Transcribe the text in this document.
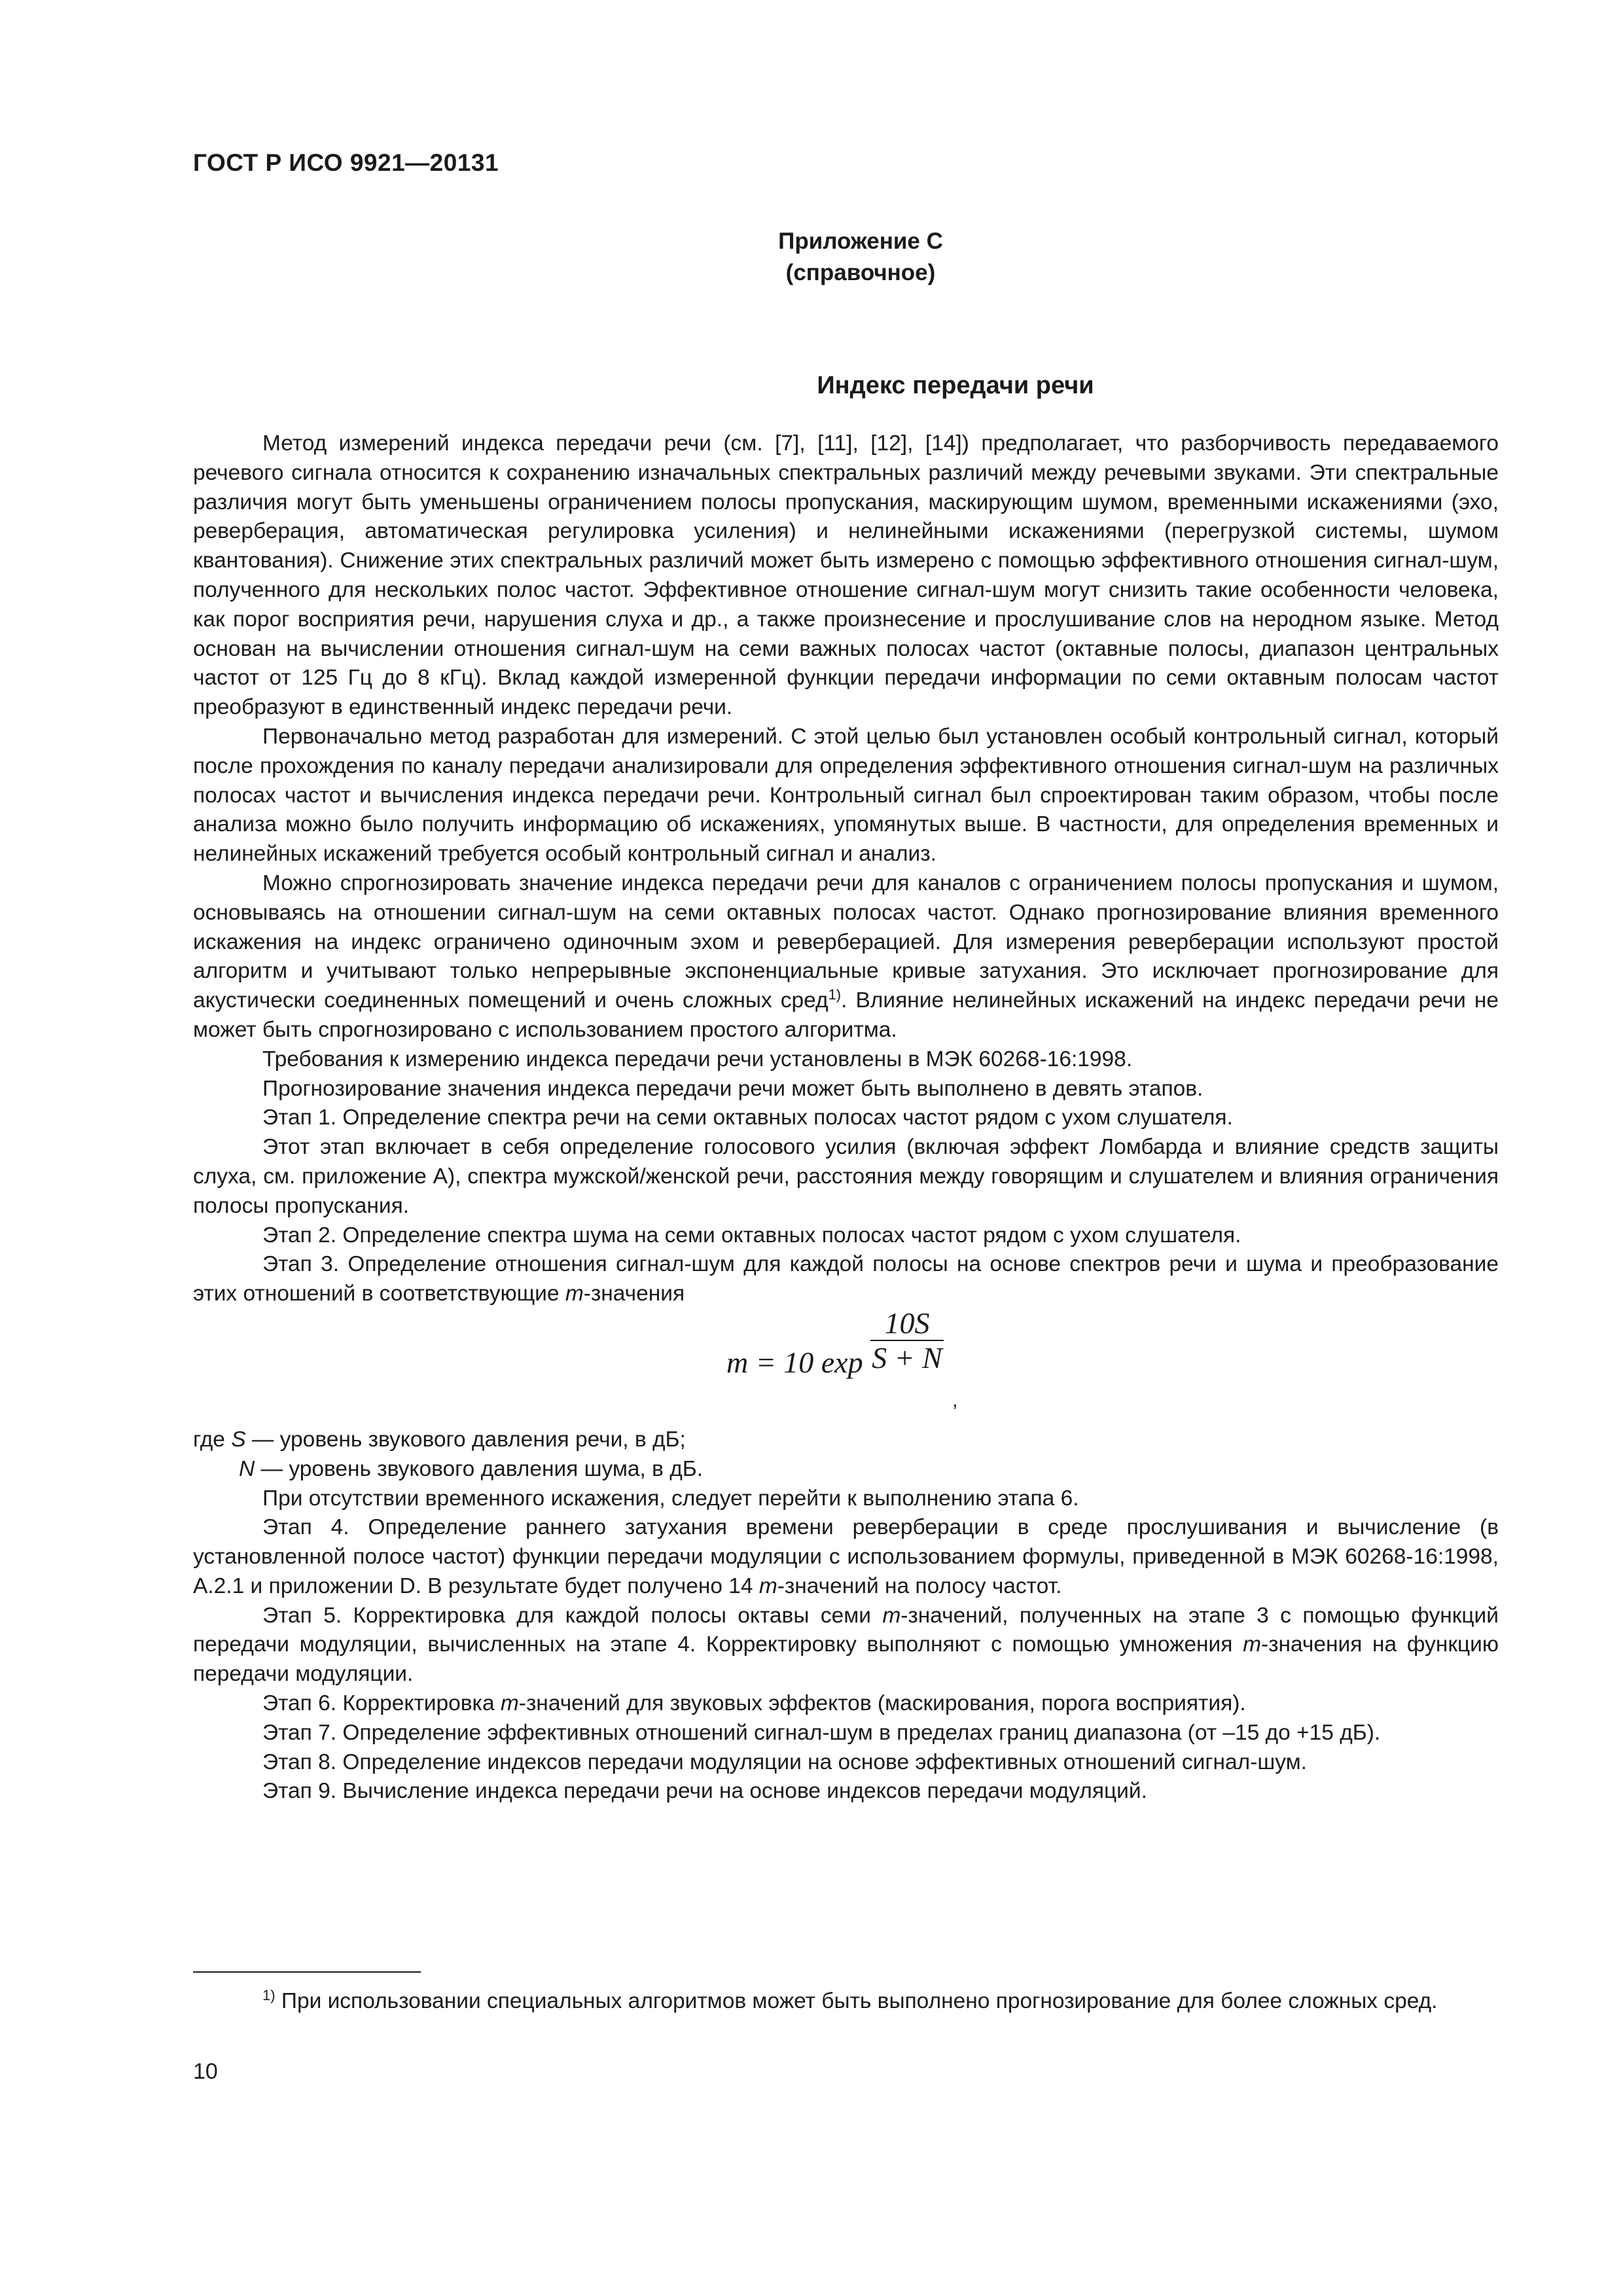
ГОСТ Р ИСО 9921—20131
Приложение С
(справочное)
Индекс передачи речи

Метод измерений индекса передачи речи (см. [7], [11], [12], [14]) предполагает, что разборчивость передаваемого речевого сигнала относится к сохранению изначальных спектральных различий между речевыми звуками. Эти спектральные различия могут быть уменьшены ограничением полосы пропускания, маскирующим шумом, временными искажениями (эхо, реверберация, автоматическая регулировка усиления) и нелинейными искажениями (перегрузкой системы, шумом квантования). Снижение этих спектральных различий может быть измерено с помощью эффективного отношения сигнал-шум, полученного для нескольких полос частот. Эффективное отношение сигнал-шум могут снизить такие особенности человека, как порог восприятия речи, нарушения слуха и др., а также произнесение и прослушивание слов на неродном языке. Метод основан на вычислении отношения сигнал-шум на семи важных полосах частот (октавные полосы, диапазон центральных частот от 125 Гц до 8 кГц). Вклад каждой измеренной функции передачи информации по семи октавным полосам частот преобразуют в единственный индекс передачи речи.

Первоначально метод разработан для измерений. С этой целью был установлен особый контрольный сигнал, который после прохождения по каналу передачи анализировали для определения эффективного отношения сигнал-шум на различных полосах частот и вычисления индекса передачи речи. Контрольный сигнал был спроектирован таким образом, чтобы после анализа можно было получить информацию об искажениях, упомянутых выше. В частности, для определения временных и нелинейных искажений требуется особый контрольный сигнал и анализ.

Можно спрогнозировать значение индекса передачи речи для каналов с ограничением полосы пропускания и шумом, основываясь на отношении сигнал-шум на семи октавных полосах частот. Однако прогнозирование влияния временного искажения на индекс ограничено одиночным эхом и реверберацией. Для измерения реверберации используют простой алгоритм и учитывают только непрерывные экспоненциальные кривые затухания. Это исключает прогнозирование для акустически соединенных помещений и очень сложных сред$^{1)}$. Влияние нелинейных искажений на индекс передачи речи не может быть спрогнозировано с использованием простого алгоритма.

Требования к измерению индекса передачи речи установлены в МЭК 60268-16:1998.

Прогнозирование значения индекса передачи речи может быть выполнено в девять этапов.

Этап 1. Определение спектра речи на семи октавных полосах частот рядом с ухом слушателя.

Этот этап включает в себя определение голосового усилия (включая эффект Ломбарда и влияние средств защиты слуха, см. приложение А), спектра мужской/женской речи, расстояния между говорящим и слушателем и влияния ограничения полосы пропускания.

Этап 2. Определение спектра шума на семи октавных полосах частот рядом с ухом слушателя.

Этап 3. Определение отношения сигнал-шум для каждой полосы на основе спектров речи и шума и преобразование этих отношений в соответствующие m-значения

m = 10 $\exp \frac{10S}{S + N}$
,

где S — уровень звукового давления речи, в дБ;

N — уровень звукового давления шума, в дБ.

При отсутствии временного искажения, следует перейти к выполнению этапа 6.

Этап 4. Определение раннего затухания времени реверберации в среде прослушивания и вычисление (в установленной полосе частот) функции передачи модуляции с использованием формулы, приведенной в МЭК 60268-16:1998, А.2.1 и приложении D. В результате будет получено 14 m-значений на полосу частот.

Этап 5. Корректировка для каждой полосы октавы семи m-значений, полученных на этапе 3 с помощью функций передачи модуляции, вычисленных на этапе 4. Корректировку выполняют с помощью умножения m-значения на функцию передачи модуляции.

Этап 6. Корректировка m-значений для звуковых эффектов (маскирования, порога восприятия).

Этап 7. Определение эффективных отношений сигнал-шум в пределах границ диапазона (от –15 до +15 дБ).

Этап 8. Определение индексов передачи модуляции на основе эффективных отношений сигнал-шум.

Этап 9. Вычисление индекса передачи речи на основе индексов передачи модуляций.

$^{1)}$ При использовании специальных алгоритмов может быть выполнено прогнозирование для более сложных сред.
10
